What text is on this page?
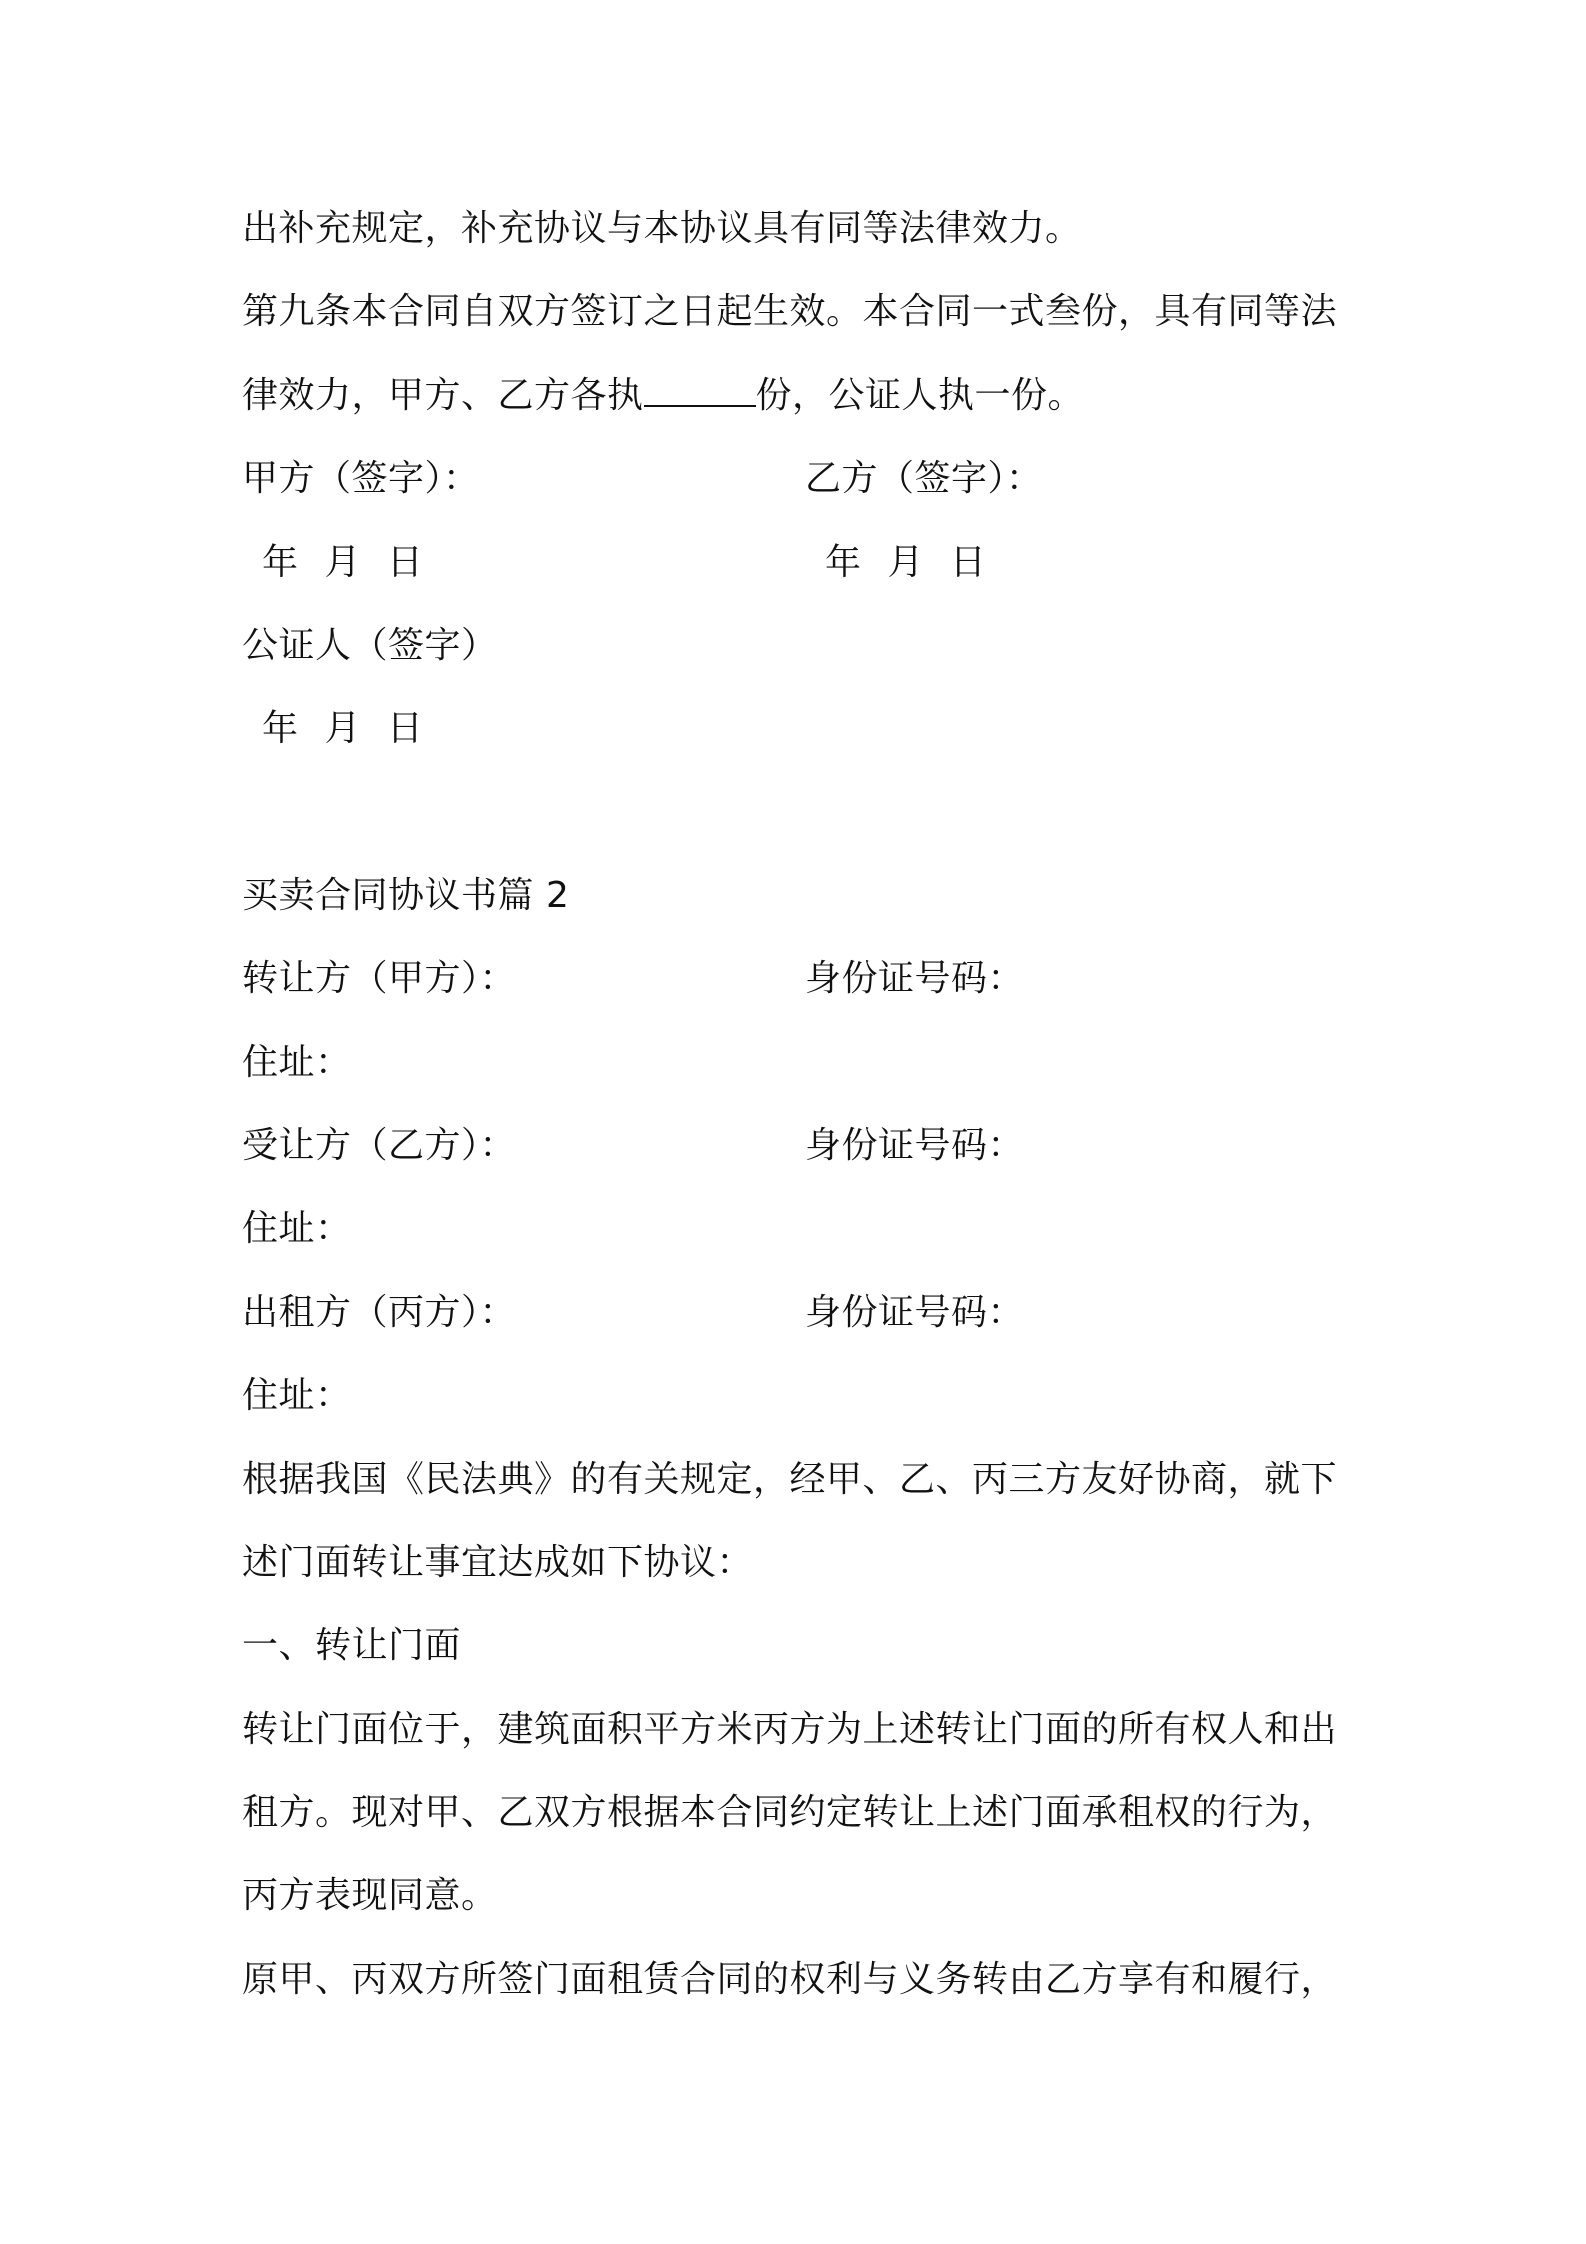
出补充规定，补充协议与本协议具有同等法律效力。
第九条本合同自双方签订之日起生效。本合同一式叁份，具有同等法
律效力，甲方、乙方各执	份，公证人执一份。
甲方（签字）：	乙方（签字）：
年 月 日	年 月 日
公证人（签字）
年 月 日
买卖合同协议书篇 2
转让方（甲方）：	身份证号码：
住址：
受让方（乙方）：	身份证号码：
住址：
出租方（丙方）：	身份证号码：
住址：
根据我国《民法典》的有关规定，经甲、乙、丙三方友好协商，就下
述门面转让事宜达成如下协议：
一、转让门面
转让门面位于，建筑面积平方米丙方为上述转让门面的所有权人和出
租方。现对甲、乙双方根据本合同约定转让上述门面承租权的行为，
丙方表现同意。
原甲、丙双方所签门面租赁合同的权利与义务转由乙方享有和履行，
